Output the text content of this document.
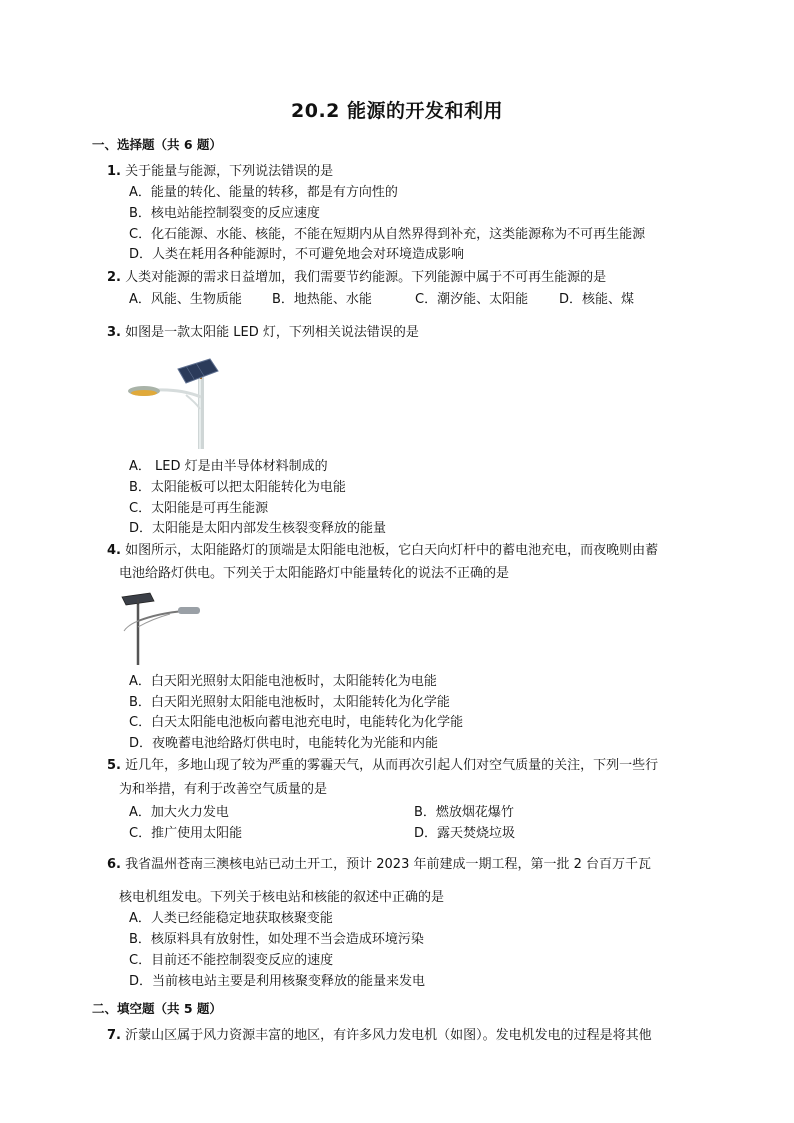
20.2 能源的开发和利用
一、选择题（共 6 题）
1. 关于能量与能源，下列说法错误的是
A．能量的转化、能量的转移，都是有方向性的
B．核电站能控制裂变的反应速度
C．化石能源、水能、核能，不能在短期内从自然界得到补充，这类能源称为不可再生能源
D．人类在耗用各种能源时，不可避免地会对环境造成影响
2. 人类对能源的需求日益增加，我们需要节约能源。下列能源中属于不可再生能源的是
A．风能、生物质能 B．地热能、水能	C．潮汐能、太阳能 D．核能、煤
3. 如图是一款太阳能 LED 灯，下列相关说法错误的是
A． LED 灯是由半导体材料制成的
B．太阳能板可以把太阳能转化为电能
C．太阳能是可再生能源
D．太阳能是太阳内部发生核裂变释放的能量
4. 如图所示，太阳能路灯的顶端是太阳能电池板，它白天向灯杆中的蓄电池充电，而夜晚则由蓄
电池给路灯供电。下列关于太阳能路灯中能量转化的说法不正确的是
A．白天阳光照射太阳能电池板时，太阳能转化为电能
B．白天阳光照射太阳能电池板时，太阳能转化为化学能
C．白天太阳能电池板向蓄电池充电时，电能转化为化学能
D．夜晚蓄电池给路灯供电时，电能转化为光能和内能
5. 近几年，多地山现了较为严重的雾霾天气，从而再次引起人们对空气质量的关注，下列一些行
为和举措，有利于改善空气质量的是
A．加大火力发电	B．燃放烟花爆竹
C．推广使用太阳能	D．露天焚烧垃圾
6. 我省温州苍南三澳核电站已动土开工，预计 2023 年前建成一期工程，第一批 2 台百万千瓦
核电机组发电。下列关于核电站和核能的叙述中正确的是
A．人类已经能稳定地获取核聚变能
B．核原料具有放射性，如处理不当会造成环境污染
C．目前还不能控制裂变反应的速度
D．当前核电站主要是利用核聚变释放的能量来发电
二、填空题（共 5 题）
7. 沂蒙山区属于风力资源丰富的地区，有许多风力发电机（如图）。发电机发电的过程是将其他
